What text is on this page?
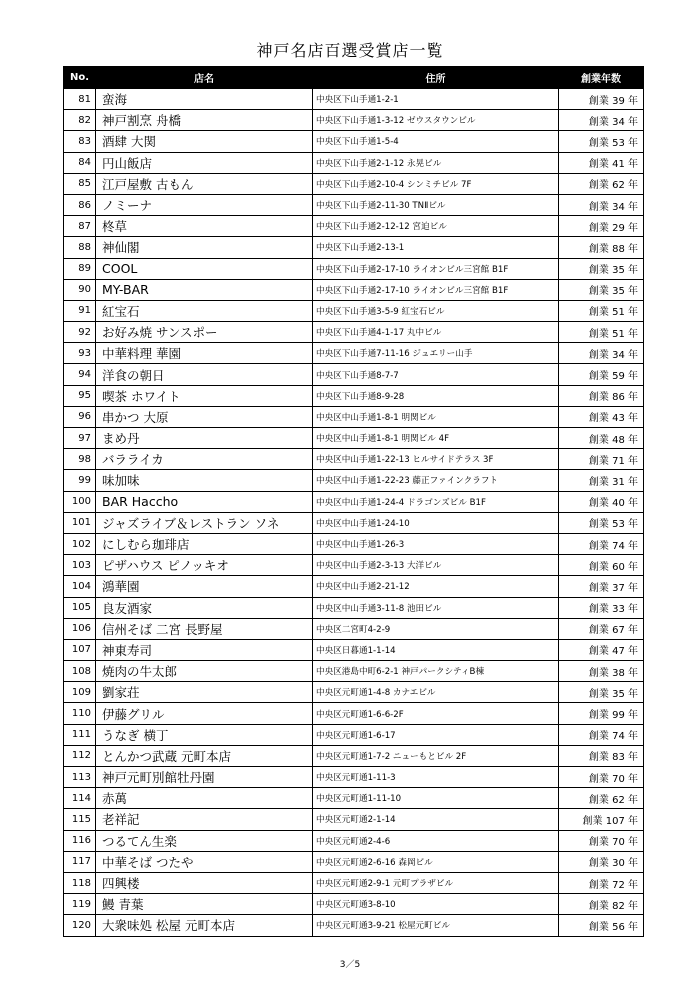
神戸名店百選受賞店一覧
No.	店名	住所	創業年数
81	蛮海	中央区下山手通1-2-1	創業 39 年
82	神戸割烹 舟橋	中央区下山手通1-3-12 ゼウスタウンビル	創業 34 年
83	酒肆 大関	中央区下山手通1-5-4	創業 53 年
84	円山飯店	中央区下山手通2-1-12 永晃ビル	創業 41 年
85	江戸屋敷 古もん	中央区下山手通2-10-4 シンミチビル 7F	創業 62 年
86	ノミーナ	中央区下山手通2-11-30 TNⅡビル	創業 34 年
87	柊草	中央区下山手通2-12-12 宮迫ビル	創業 29 年
88	神仙閣	中央区下山手通2-13-1	創業 88 年
89	COOL	中央区下山手通2-17-10 ライオンビル三宮館 B1F	創業 35 年
90	MY-BAR	中央区下山手通2-17-10 ライオンビル三宮館 B1F	創業 35 年
91	紅宝石	中央区下山手通3-5-9 紅宝石ビル	創業 51 年
92	お好み焼 サンスポー	中央区下山手通4-1-17 丸中ビル	創業 51 年
93	中華料理 華園	中央区下山手通7-11-16 ジュエリー山手	創業 34 年
94	洋食の朝日	中央区下山手通8-7-7	創業 59 年
95	喫茶 ホワイト	中央区下山手通8-9-28	創業 86 年
96	串かつ 大原	中央区中山手通1-8-1 明関ビル	創業 43 年
97	まめ丹	中央区中山手通1-8-1 明関ビル 4F	創業 48 年
98	バラライカ	中央区中山手通1-22-13 ヒルサイドテラス 3F	創業 71 年
99	味加味	中央区中山手通1-22-23 藤正ファインクラフト	創業 31 年
100	BAR Haccho	中央区中山手通1-24-4 ドラゴンズビル B1F	創業 40 年
101	ジャズライブ＆レストラン ソネ	中央区中山手通1-24-10	創業 53 年
102	にしむら珈琲店	中央区中山手通1-26-3	創業 74 年
103	ピザハウス ピノッキオ	中央区中山手通2-3-13 大洋ビル	創業 60 年
104	鴻華園	中央区中山手通2-21-12	創業 37 年
105	良友酒家	中央区中山手通3-11-8 池田ビル	創業 33 年
106	信州そば 二宮 長野屋	中央区二宮町4-2-9	創業 67 年
107	神東寿司	中央区日暮通1-1-14	創業 47 年
108	焼肉の牛太郎	中央区港島中町6-2-1 神戸パークシティB棟	創業 38 年
109	劉家荘	中央区元町通1-4-8 カナエビル	創業 35 年
110	伊藤グリル	中央区元町通1-6-6-2F	創業 99 年
111	うなぎ 横丁	中央区元町通1-6-17	創業 74 年
112	とんかつ武蔵 元町本店	中央区元町通1-7-2 ニューもとビル 2F	創業 83 年
113	神戸元町別館牡丹園	中央区元町通1-11-3	創業 70 年
114	赤萬	中央区元町通1-11-10	創業 62 年
115	老祥記	中央区元町通2-1-14	創業 107 年
116	つるてん生楽	中央区元町通2-4-6	創業 70 年
117	中華そば つたや	中央区元町通2-6-16 森岡ビル	創業 30 年
118	四興楼	中央区元町通2-9-1 元町プラザビル	創業 72 年
119	鰻 青葉	中央区元町通3-8-10	創業 82 年
120	大衆味処 松屋 元町本店	中央区元町通3-9-21 松屋元町ビル	創業 56 年
3／5
